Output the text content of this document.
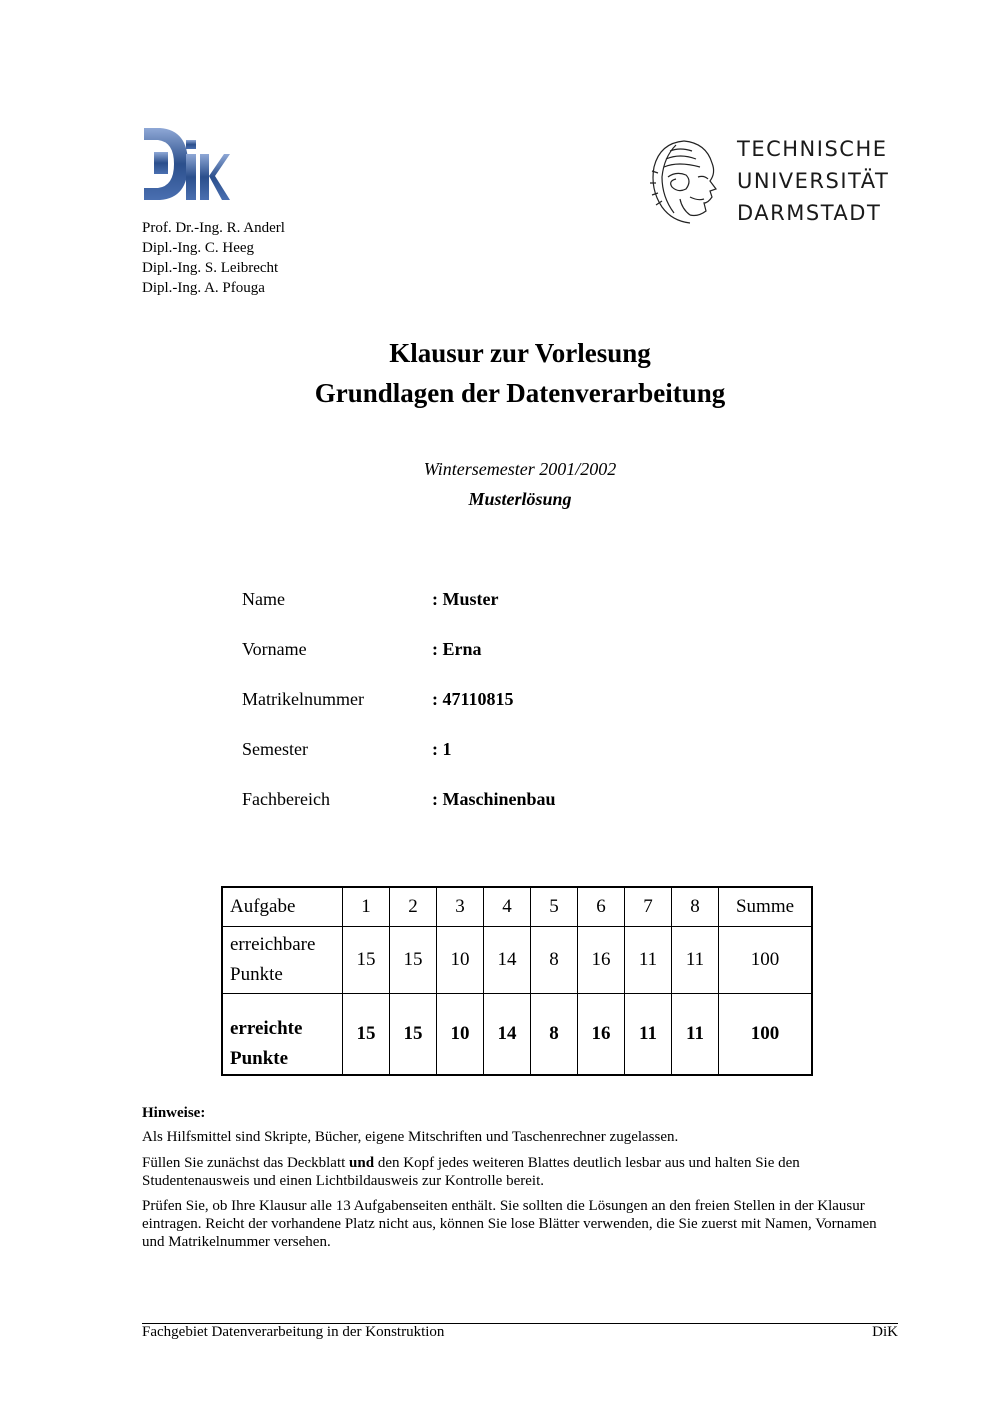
Prof. Dr.-Ing. R. Anderl
Dipl.-Ing. C. Heeg
Dipl.-Ing. S. Leibrecht
Dipl.-Ing. A. Pfouga
TECHNISCHE
UNIVERSITÄT
DARMSTADT
Klausur zur Vorlesung
Grundlagen der Datenverarbeitung
Wintersemester 2001/2002
Musterlösung
Name	: Muster
Vorname	: Erna
Matrikelnummer	: 47110815
Semester	: 1
Fachbereich	: Maschinenbau
Aufgabe	1	2	3	4	5	6	7	8	Summe
erreichbare Punkte	15	15	10	14	8	16	11	11	100
erreichte Punkte	15	15	10	14	8	16	11	11	100
Hinweise:
Als Hilfsmittel sind Skripte, Bücher, eigene Mitschriften und Taschenrechner zugelassen.
Füllen Sie zunächst das Deckblatt und den Kopf jedes weiteren Blattes deutlich lesbar aus und halten Sie den Studentenausweis und einen Lichtbildausweis zur Kontrolle bereit.
Prüfen Sie, ob Ihre Klausur alle 13 Aufgabenseiten enthält. Sie sollten die Lösungen an den freien Stellen in der Klausur eintragen. Reicht der vorhandene Platz nicht aus, können Sie lose Blätter verwenden, die Sie zuerst mit Namen, Vornamen und Matrikelnummer versehen.
Fachgebiet Datenverarbeitung in der Konstruktion	DiK
